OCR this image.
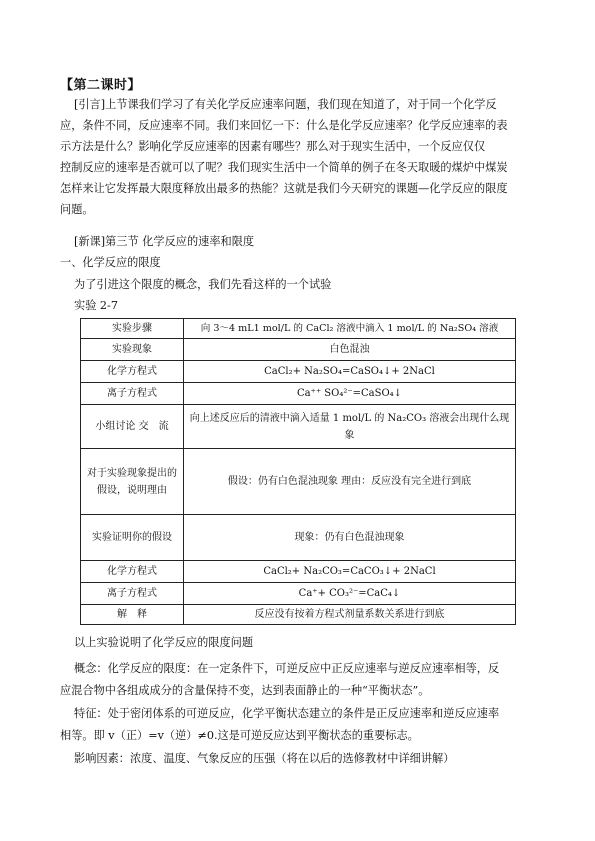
【第二课时】
[引言]上节课我们学习了有关化学反应速率问题，我们现在知道了，对于同一个化学反
应，条件不同，反应速率不同。我们来回忆一下：什么是化学反应速率？化学反应速率的表
示方法是什么？影响化学反应速率的因素有哪些？那么对于现实生活中，一个反应仅仅
控制反应的速率是否就可以了呢？我们现实生活中一个简单的例子在冬天取暖的煤炉中煤炭
怎样来让它发挥最大限度释放出最多的热能？这就是我们今天研究的课题—化学反应的限度
问题。
[新课]第三节 化学反应的速率和限度
一、化学反应的限度
为了引进这个限度的概念，我们先看这样的一个试验
实验 2-7
实验步骤	向 3～4 mL1 mol/L 的 CaCl₂ 溶液中滴入 1 mol/L 的 Na₂SO₄ 溶液
实验现象	白色混浊
化学方程式	CaCl₂+ Na₂SO₄=CaSO₄↓+ 2NaCl
离子方程式	Ca⁺⁺ SO₄²⁻=CaSO₄↓
小组讨论 交　流	向上述反应后的清液中滴入适量 1 mol/L 的 Na₂CO₃ 溶液会出现什么现象
对于实验现象提出的假设，说明理由	假设：仍有白色混浊现象 理由：反应没有完全进行到底
实验证明你的假设	现象：仍有白色混浊现象
化学方程式	CaCl₂+ Na₂CO₃=CaCO₃↓+ 2NaCl
离子方程式	Ca⁺+ CO₃²⁻=CaC₄↓
解　释	反应没有按着方程式剂量系数关系进行到底
以上实验说明了化学反应的限度问题
概念：化学反应的限度：在一定条件下，可逆反应中正反应速率与逆反应速率相等，反
应混合物中各组成成分的含量保持不变，达到表面静止的一种“平衡状态”。
特征：处于密闭体系的可逆反应，化学平衡状态建立的条件是正反应速率和逆反应速率
相等。即 v（正）=v（逆）≠0.这是可逆反应达到平衡状态的重要标志。
影响因素：浓度、温度、气象反应的压强（将在以后的选修教材中详细讲解）
